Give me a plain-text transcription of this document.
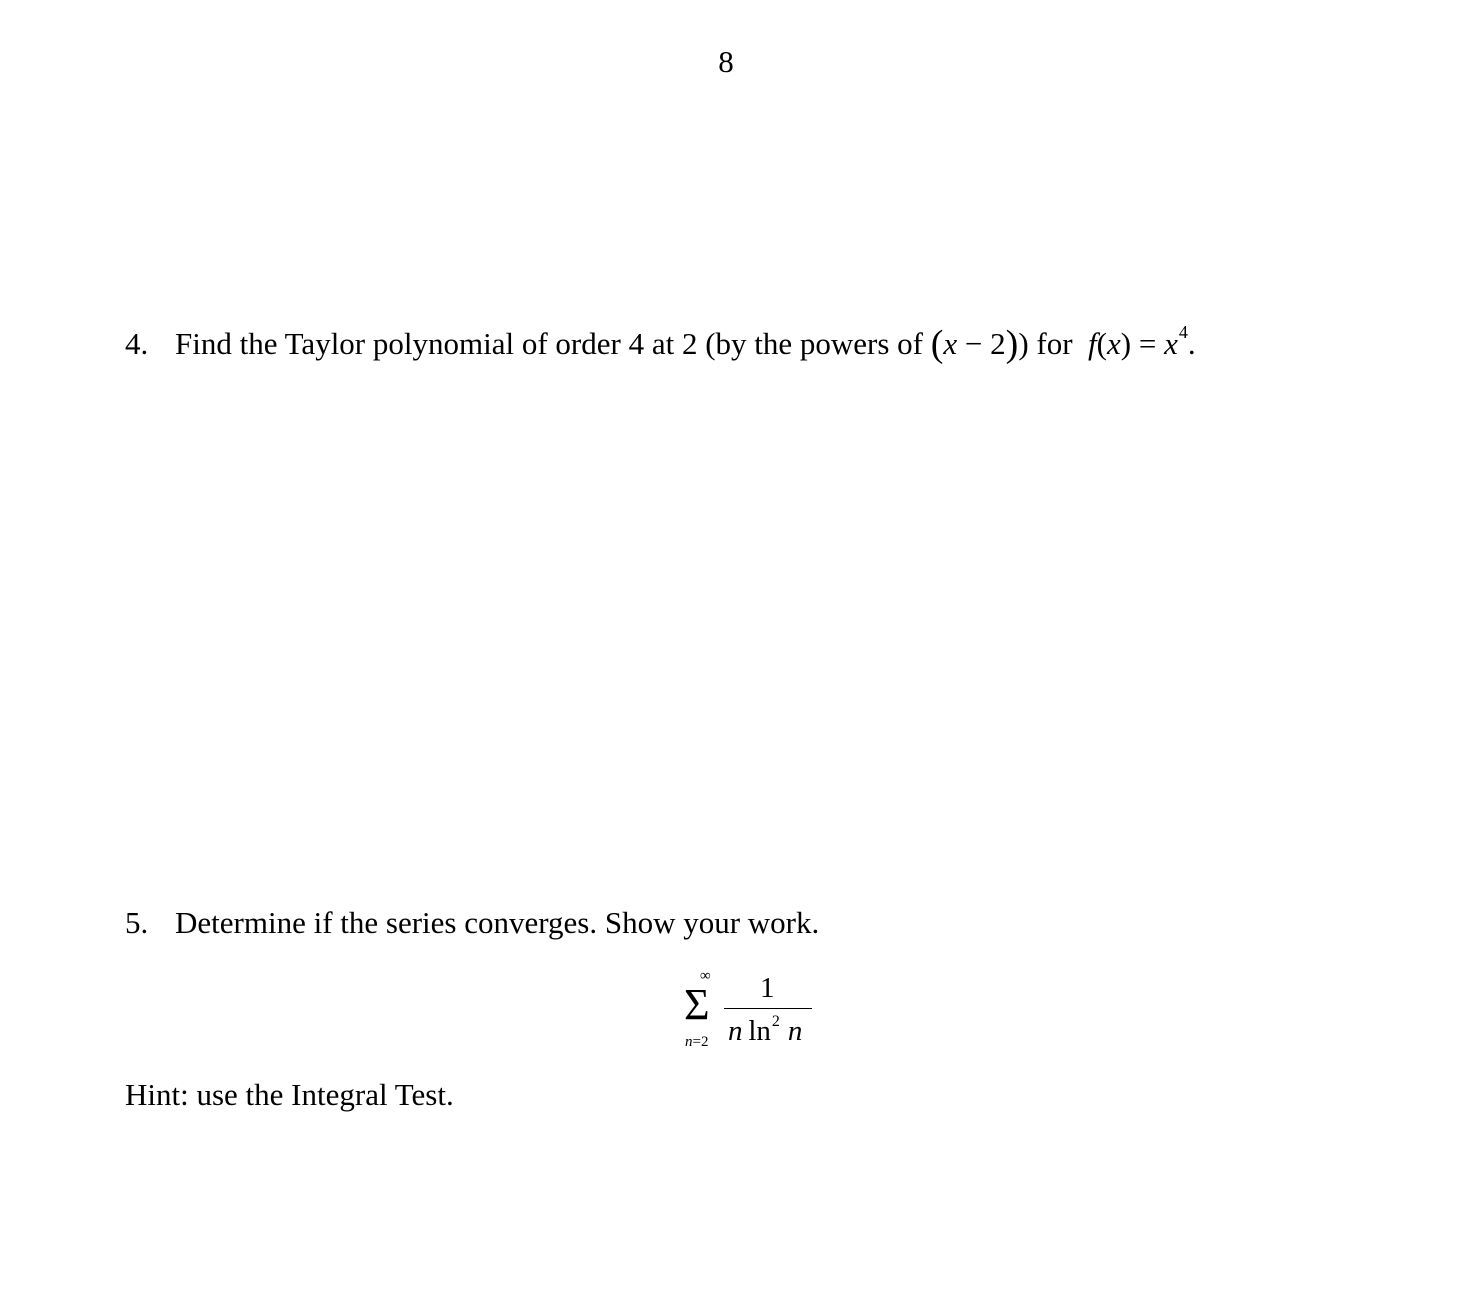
8
4. Find the Taylor polynomial of order 4 at 2 (by the powers of (x − 2)) for $f(x) = x^4$.
5. Determine if the series converges. Show your work.
∞
Σ
n=2
1
n  $\ln^2 n$
Hint: use the Integral Test.
